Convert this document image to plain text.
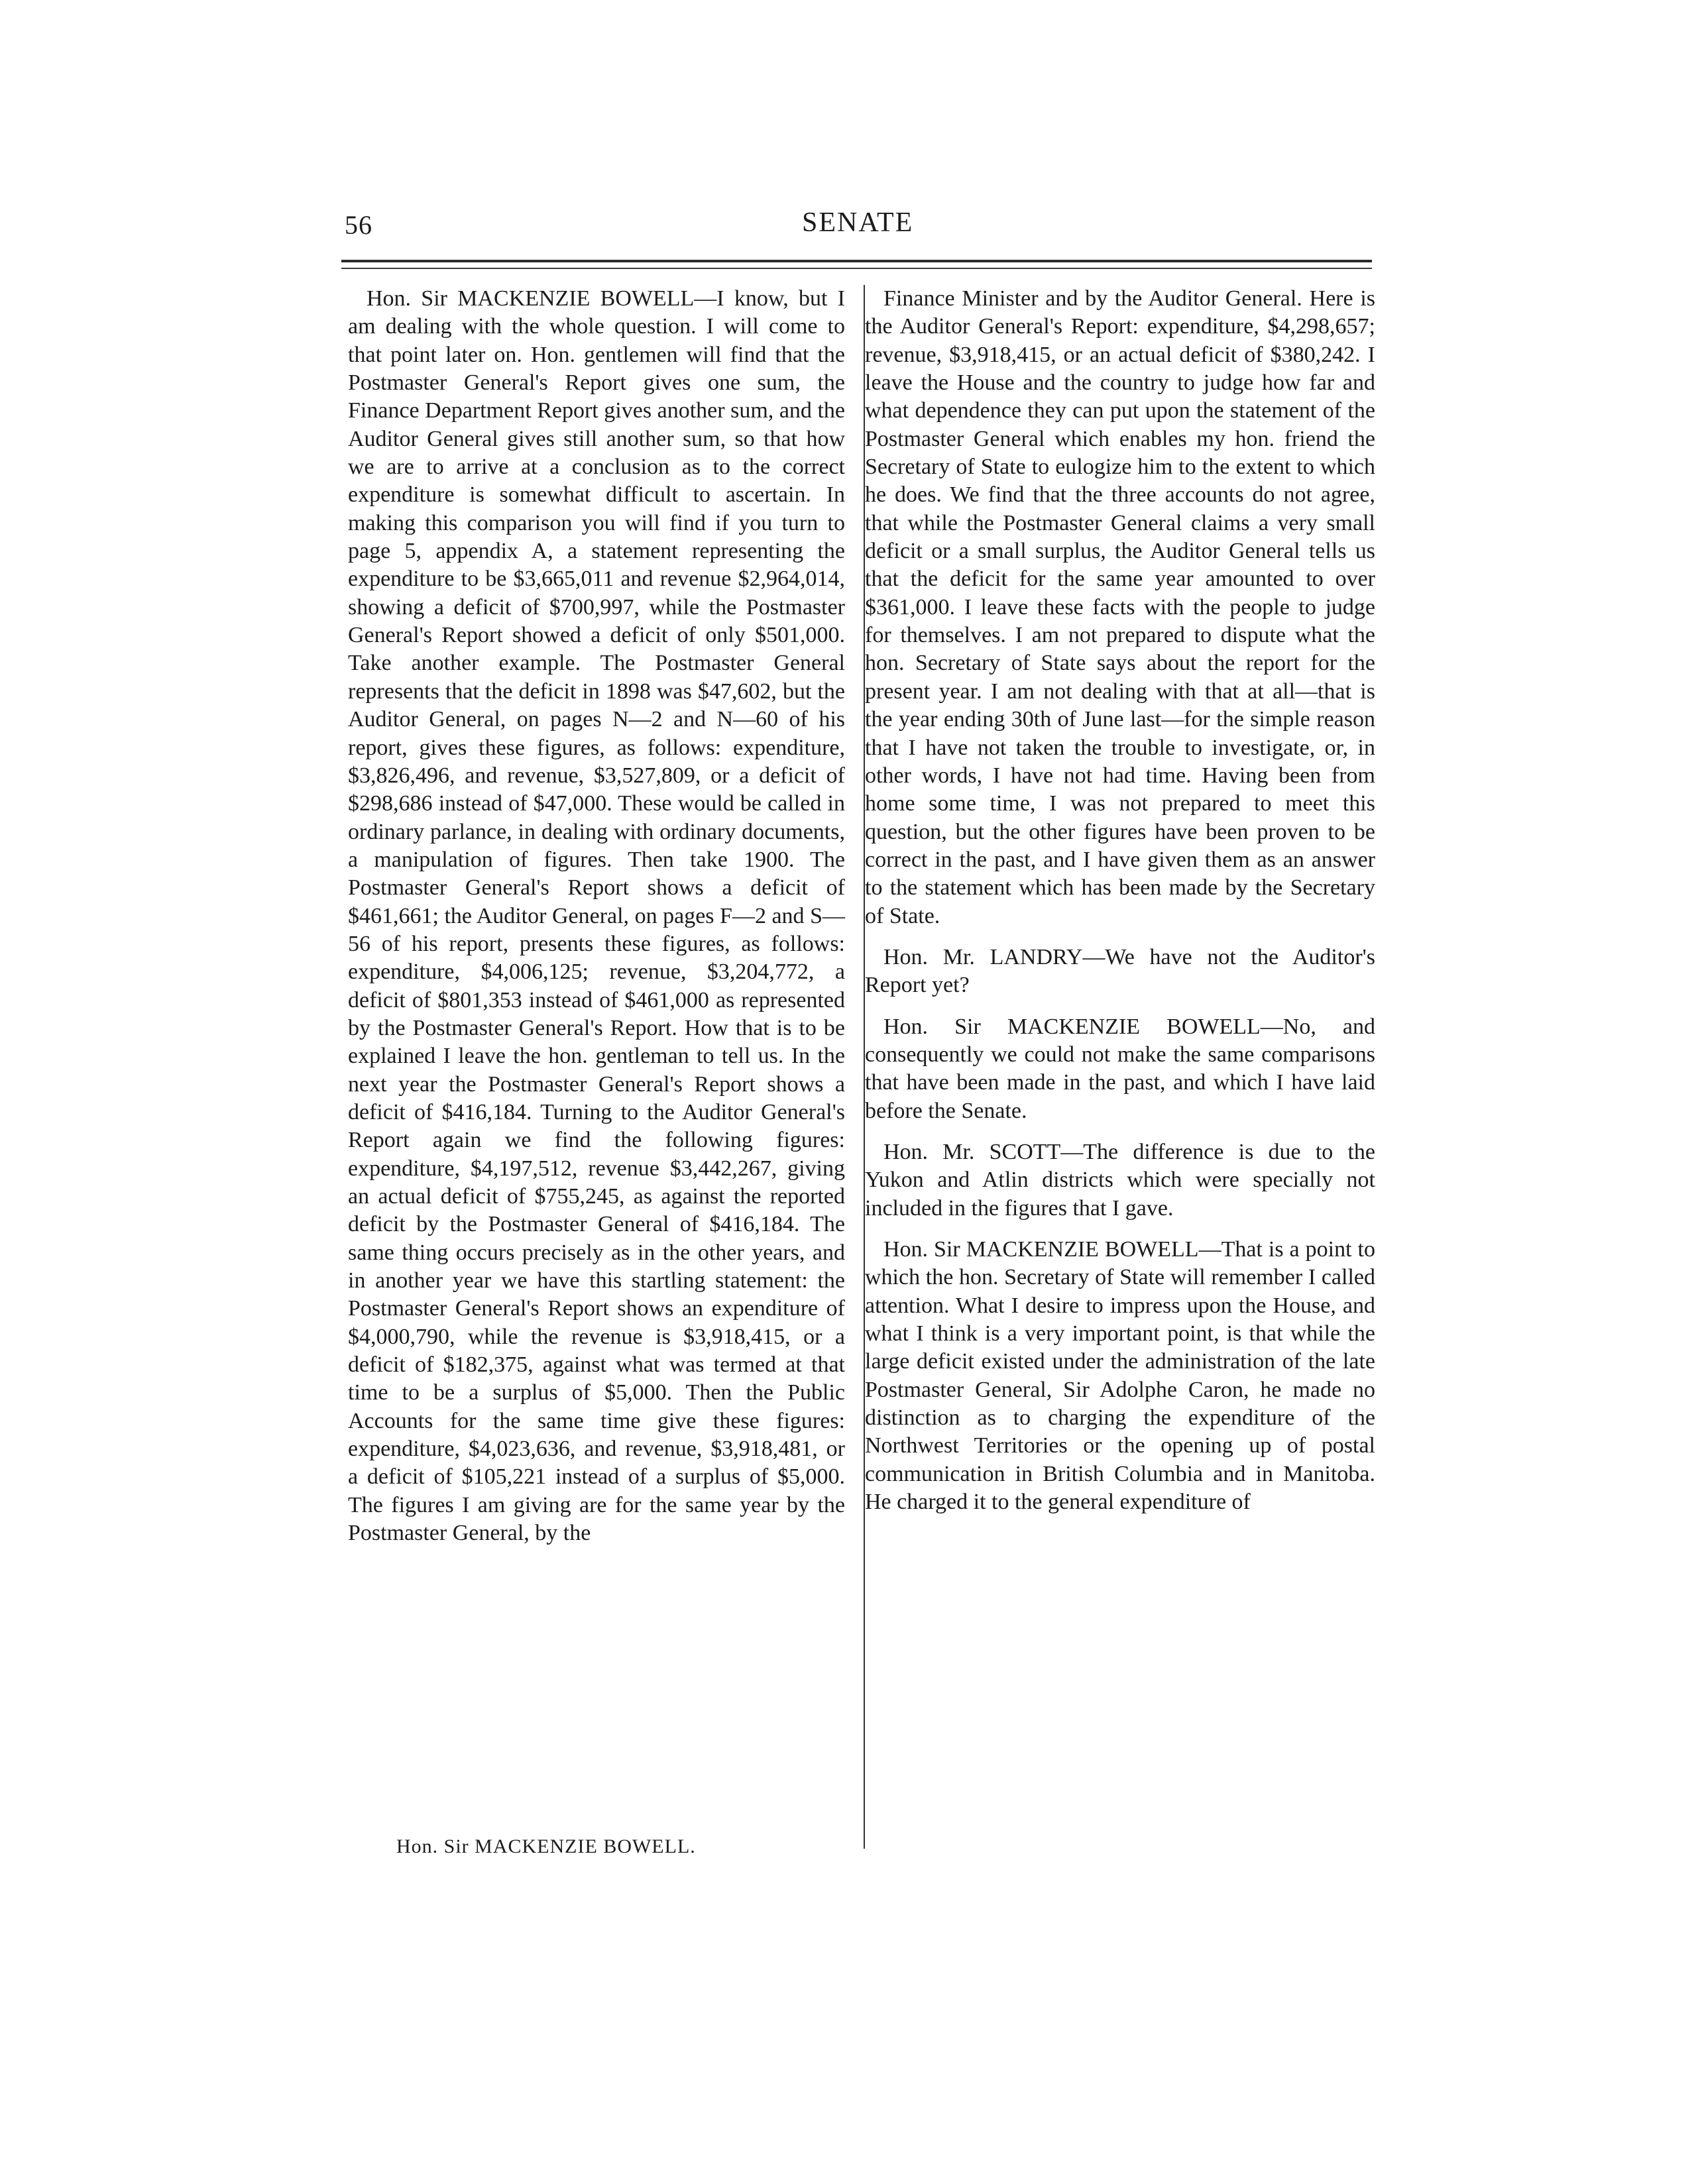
56	SENATE

Hon. Sir MACKENZIE BOWELL—I know, but I am dealing with the whole question. I will come to that point later on. Hon. gentlemen will find that the Postmaster General's Report gives one sum, the Finance Department Report gives another sum, and the Auditor General gives still another sum, so that how we are to arrive at a conclusion as to the correct expenditure is somewhat difficult to ascertain. In making this comparison you will find if you turn to page 5, appendix A, a statement representing the expenditure to be $3,665,011 and revenue $2,964,014, showing a deficit of $700,997, while the Postmaster General's Report showed a deficit of only $501,000. Take another example. The Postmaster General represents that the deficit in 1898 was $47,602, but the Auditor General, on pages N—2 and N—60 of his report, gives these figures, as follows: expenditure, $3,826,496, and revenue, $3,527,809, or a deficit of $298,686 instead of $47,000. These would be called in ordinary parlance, in dealing with ordinary documents, a manipulation of figures. Then take 1900. The Postmaster General's Report shows a deficit of $461,661; the Auditor General, on pages F—2 and S—56 of his report, presents these figures, as follows: expenditure, $4,006,125; revenue, $3,204,772, a deficit of $801,353 instead of $461,000 as represented by the Postmaster General's Report. How that is to be explained I leave the hon. gentleman to tell us. In the next year the Postmaster General's Report shows a deficit of $416,184. Turning to the Auditor General's Report again we find the following figures: expenditure, $4,197,512, revenue $3,442,267, giving an actual deficit of $755,245, as against the reported deficit by the Postmaster General of $416,184. The same thing occurs precisely as in the other years, and in another year we have this startling statement: the Postmaster General's Report shows an expenditure of $4,000,790, while the revenue is $3,918,415, or a deficit of $182,375, against what was termed at that time to be a surplus of $5,000. Then the Public Accounts for the same time give these figures: expenditure, $4,023,636, and revenue, $3,918,481, or a deficit of $105,221 instead of a surplus of $5,000. The figures I am giving are for the same year by the Postmaster General, by the

Finance Minister and by the Auditor General. Here is the Auditor General's Report: expenditure, $4,298,657; revenue, $3,918,415, or an actual deficit of $380,242. I leave the House and the country to judge how far and what dependence they can put upon the statement of the Postmaster General which enables my hon. friend the Secretary of State to eulogize him to the extent to which he does. We find that the three accounts do not agree, that while the Postmaster General claims a very small deficit or a small surplus, the Auditor General tells us that the deficit for the same year amounted to over $361,000. I leave these facts with the people to judge for themselves. I am not prepared to dispute what the hon. Secretary of State says about the report for the present year. I am not dealing with that at all—that is the year ending 30th of June last—for the simple reason that I have not taken the trouble to investigate, or, in other words, I have not had time. Having been from home some time, I was not prepared to meet this question, but the other figures have been proven to be correct in the past, and I have given them as an answer to the statement which has been made by the Secretary of State.

Hon. Mr. LANDRY—We have not the Auditor's Report yet?

Hon. Sir MACKENZIE BOWELL—No, and consequently we could not make the same comparisons that have been made in the past, and which I have laid before the Senate.

Hon. Mr. SCOTT—The difference is due to the Yukon and Atlin districts which were specially not included in the figures that I gave.

Hon. Sir MACKENZIE BOWELL—That is a point to which the hon. Secretary of State will remember I called attention. What I desire to impress upon the House, and what I think is a very important point, is that while the large deficit existed under the administration of the late Postmaster General, Sir Adolphe Caron, he made no distinction as to charging the expenditure of the Northwest Territories or the opening up of postal communication in British Columbia and in Manitoba. He charged it to the general expenditure of

Hon. Sir MACKENZIE BOWELL.
